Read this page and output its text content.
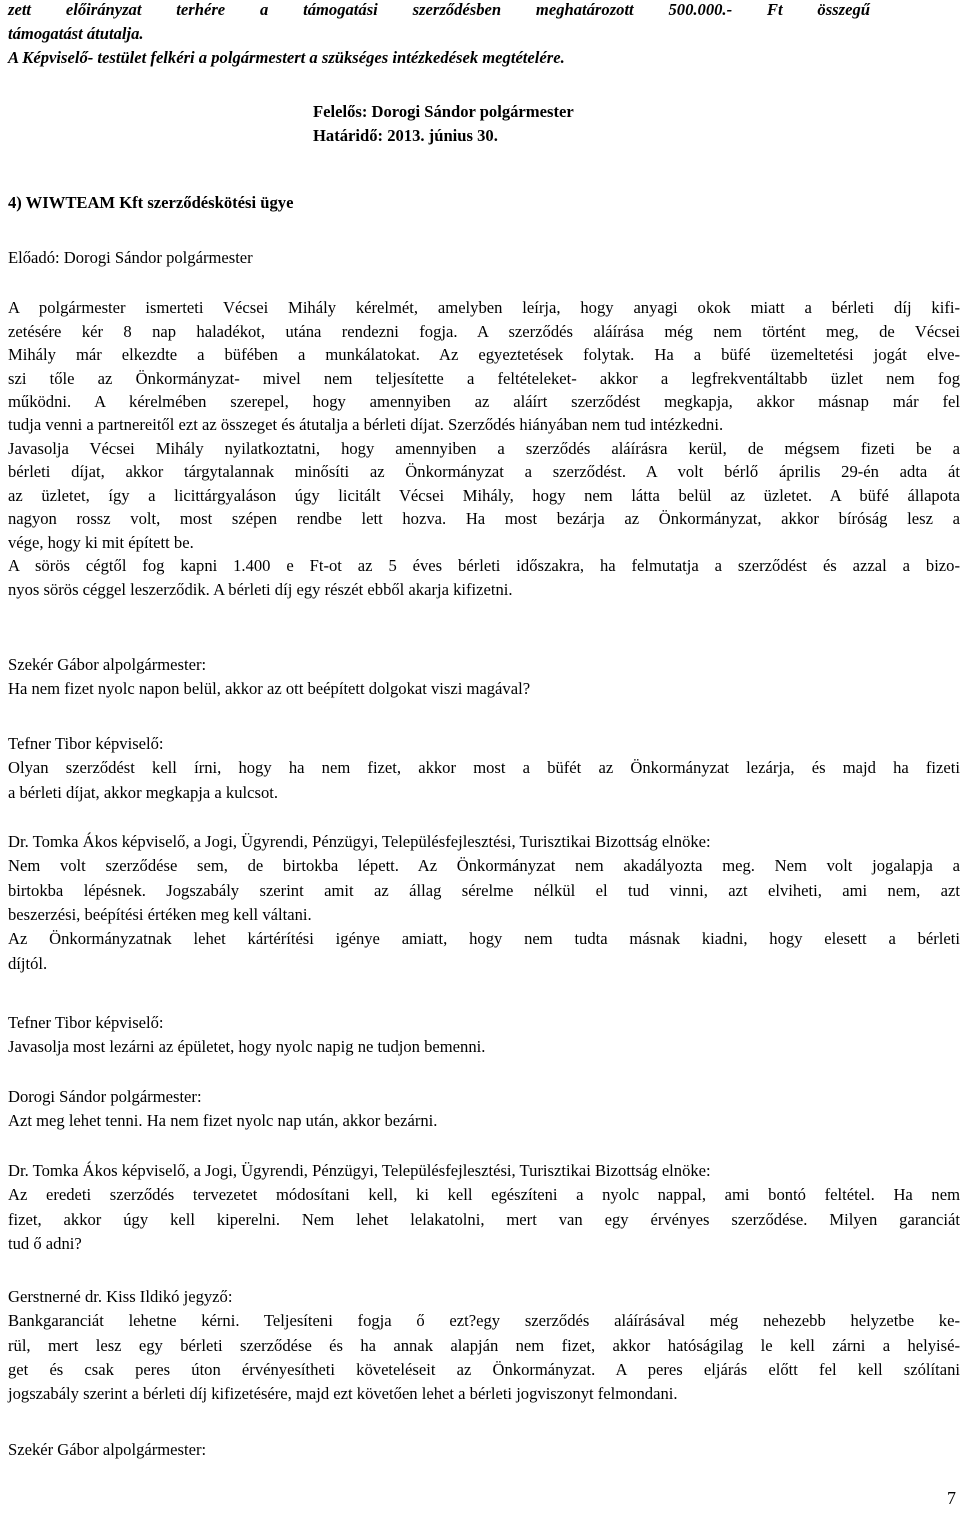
zett előirányzat terhére a támogatási szerződésben meghatározott 500.000.- Ft összegű
támogatást átutalja.
A Képviselő- testület felkéri a polgármestert a szükséges intézkedések megtételére.
Felelős: Dorogi Sándor polgármester
Határidő: 2013. június 30.
4) WIWTEAM Kft szerződéskötési ügye
Előadó: Dorogi Sándor polgármester
A polgármester ismerteti Vécsei Mihály kérelmét, amelyben leírja, hogy anyagi okok miatt a bérleti díj kifi-
zetésére kér 8 nap haladékot, utána rendezni fogja. A szerződés aláírása még nem történt meg, de Vécsei
Mihály már elkezdte a büfében a munkálatokat. Az egyeztetések folytak. Ha a büfé üzemeltetési jogát elve-
szi tőle az Önkormányzat- mivel nem teljesítette a feltételeket- akkor a legfrekventáltabb üzlet nem fog
működni. A kérelmében szerepel, hogy amennyiben az aláírt szerződést megkapja, akkor másnap már fel
tudja venni a partnereitől ezt az összeget és átutalja a bérleti díjat. Szerződés hiányában nem tud intézkedni.
Javasolja Vécsei Mihály nyilatkoztatni, hogy amennyiben a szerződés aláírásra kerül, de mégsem fizeti be a
bérleti díjat, akkor tárgytalannak minősíti az Önkormányzat a szerződést. A volt bérlő április 29-én adta át
az üzletet, így a licittárgyaláson úgy licitált Vécsei Mihály, hogy nem látta belül az üzletet. A büfé állapota
nagyon rossz volt, most szépen rendbe lett hozva. Ha most bezárja az Önkormányzat, akkor bíróság lesz a
vége, hogy ki mit épített be.
A sörös cégtől fog kapni 1.400 e Ft-ot az 5 éves bérleti időszakra, ha felmutatja a szerződést és azzal a bizo-
nyos sörös céggel leszerződik. A bérleti díj egy részét ebből akarja kifizetni.
Szekér Gábor alpolgármester:
Ha nem fizet nyolc napon belül, akkor az ott beépített dolgokat viszi magával?
Tefner Tibor képviselő:
Olyan szerződést kell írni, hogy ha nem fizet, akkor most a büfét az Önkormányzat lezárja, és majd ha fizeti
a bérleti díjat, akkor megkapja a kulcsot.
Dr. Tomka Ákos képviselő, a Jogi, Ügyrendi, Pénzügyi, Településfejlesztési, Turisztikai Bizottság elnöke:
Nem volt szerződése sem, de birtokba lépett. Az Önkormányzat nem akadályozta meg. Nem volt jogalapja a
birtokba lépésnek. Jogszabály szerint amit az állag sérelme nélkül el tud vinni, azt elviheti, ami nem, azt
beszerzési, beépítési értéken meg kell váltani.
Az Önkormányzatnak lehet kártérítési igénye amiatt, hogy nem tudta másnak kiadni, hogy elesett a bérleti
díjtól.
Tefner Tibor képviselő:
Javasolja most lezárni az épületet, hogy nyolc napig ne tudjon bemenni.
Dorogi Sándor polgármester:
Azt meg lehet tenni. Ha nem fizet nyolc nap után, akkor bezárni.
Dr. Tomka Ákos képviselő, a Jogi, Ügyrendi, Pénzügyi, Településfejlesztési, Turisztikai Bizottság elnöke:
Az eredeti szerződés tervezetet módosítani kell, ki kell egészíteni a nyolc nappal, ami bontó feltétel. Ha nem
fizet, akkor úgy kell kiperelni. Nem lehet lelakatolni, mert van egy érvényes szerződése. Milyen garanciát
tud ő adni?
Gerstnerné dr. Kiss Ildikó jegyző:
Bankgaranciát lehetne kérni. Teljesíteni fogja ő ezt?egy szerződés aláírásával még nehezebb helyzetbe ke-
rül, mert lesz egy bérleti szerződése és ha annak alapján nem fizet, akkor hatóságilag le kell zárni a helyisé-
get és csak peres úton érvényesítheti követeléseit az Önkormányzat. A peres eljárás előtt fel kell szólítani
jogszabály szerint a bérleti díj kifizetésére, majd ezt követően lehet a bérleti jogviszonyt felmondani.
Szekér Gábor alpolgármester:
7
